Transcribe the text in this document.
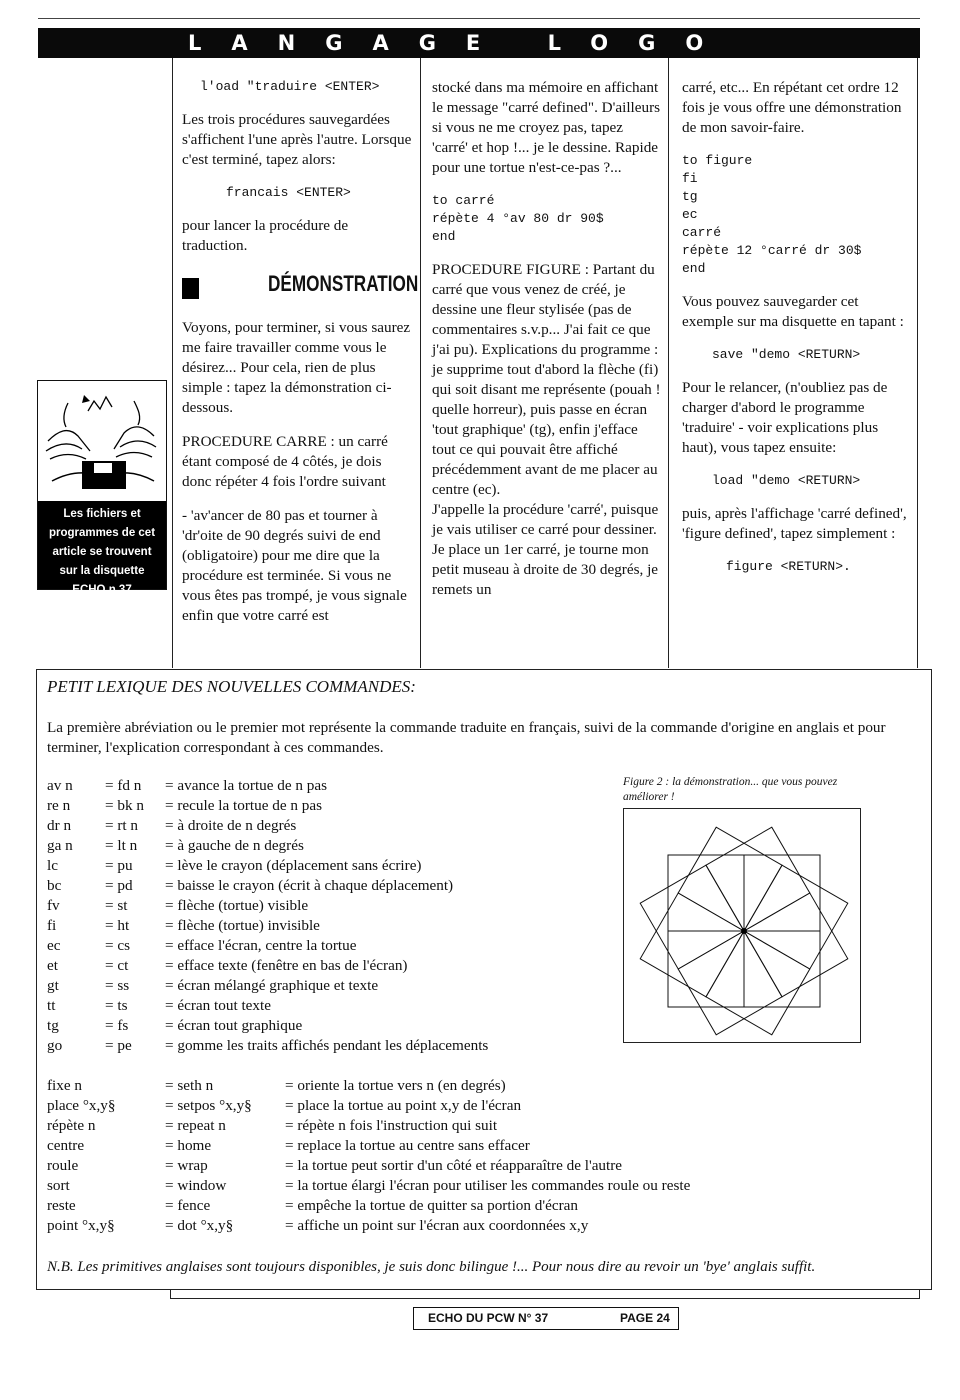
LANGAGE LOGO
Les fichiers et programmes de cet article se trouvent sur la disquette ECHO n 37
l'oad "traduire <ENTER>

Les trois procédures sauvegardées s'affichent l'une après l'autre. Lorsque c'est terminé, tapez alors:

francais <ENTER>

pour lancer la procédure de traduction.

DÉMONSTRATION

Voyons, pour terminer, si vous saurez me faire travailler comme vous le désirez... Pour cela, rien de plus simple : tapez la démonstration ci-dessous.

PROCEDURE CARRE : un carré étant composé de 4 côtés, je dois donc répéter 4 fois l'ordre suivant

- 'av'ancer de 80 pas et tourner à 'dr'oite de 90 degrés suivi de end (obligatoire) pour me dire que la procédure est terminée. Si vous ne vous êtes pas trompé, je vous signale enfin que votre carré est

stocké dans ma mémoire en affichant le message "carré defined". D'ailleurs si vous ne me croyez pas, tapez 'carré' et hop !... je le dessine. Rapide pour une tortue n'est-ce-pas ?...

to carré
répète 4 °av 80 dr 90$
end

PROCEDURE FIGURE : Partant du carré que vous venez de créé, je dessine une fleur stylisée (pas de commentaires s.v.p... J'ai fait ce que j'ai pu). Explications du programme : je supprime tout d'abord la flèche (fi) qui soit disant me représente (pouah ! quelle horreur), puis passe en écran 'tout graphique' (tg), enfin j'efface tout ce qui pouvait être affiché précédemment avant de me placer au centre (ec).

J'appelle la procédure 'carré', puisque je vais utiliser ce carré pour dessiner. Je place un 1er carré, je tourne mon petit museau à droite de 30 degrés, je remets un

carré, etc... En répétant cet ordre 12 fois je vous offre une démonstration de mon savoir-faire.

to figure
fi
tg
ec
carré
répète 12 °carré dr 30$
end

Vous pouvez sauvegarder cet exemple sur ma disquette en tapant :

save "demo <RETURN>

Pour le relancer, (n'oubliez pas de charger d'abord le programme 'traduire' - voir explications plus haut), vous tapez ensuite:

load "demo <RETURN>

puis, après l'affichage 'carré defined', 'figure defined', tapez simplement :

figure <RETURN>.
PETIT LEXIQUE DES NOUVELLES COMMANDES:
La première abréviation ou le premier mot représente la commande traduite en français, suivi de la commande d'origine en anglais et pour terminer, l'explication correspondant à ces commandes.
av n = fd n = avance la tortue de n pas
re n = bk n = recule la tortue de n pas
dr n = rt n = à droite de n degrés
ga n = lt n = à gauche de n degrés
lc	= pu = lève le crayon (déplacement sans écrire)
bc	= pd = baisse le crayon (écrit à chaque déplacement)
fv	= st = flèche (tortue) visible
fi	= ht = flèche (tortue) invisible
ec	= cs = efface l'écran, centre la tortue
et	= ct = efface texte (fenêtre en bas de l'écran)
gt	= ss = écran mélangé graphique et texte
tt	= ts = écran tout texte
tg	= fs = écran tout graphique
go	= pe = gomme les traits affichés pendant les déplacements
fixe n	= seth n	= oriente la tortue vers n (en degrés)
place °x,y§	= setpos °x,y§ = place la tortue au point x,y de l'écran
répète n	= repeat n	= répète n fois l'instruction qui suit
centre	= home	= replace la tortue au centre sans effacer
roule	= wrap	= la tortue peut sortir d'un côté et réapparaître de l'autre
sort	= window	= la tortue élargi l'écran pour utiliser les commandes roule ou reste
reste	= fence	= empêche la tortue de quitter sa portion d'écran
point °x,y§	= dot °x,y§	= affiche un point sur l'écran aux coordonnées x,y
Figure 2 : la démonstration... que vous pouvez améliorer !
N.B. Les primitives anglaises sont toujours disponibles, je suis donc bilingue !... Pour nous dire au revoir un 'bye' anglais suffit.
ECHO DU PCW N° 37	PAGE 24
